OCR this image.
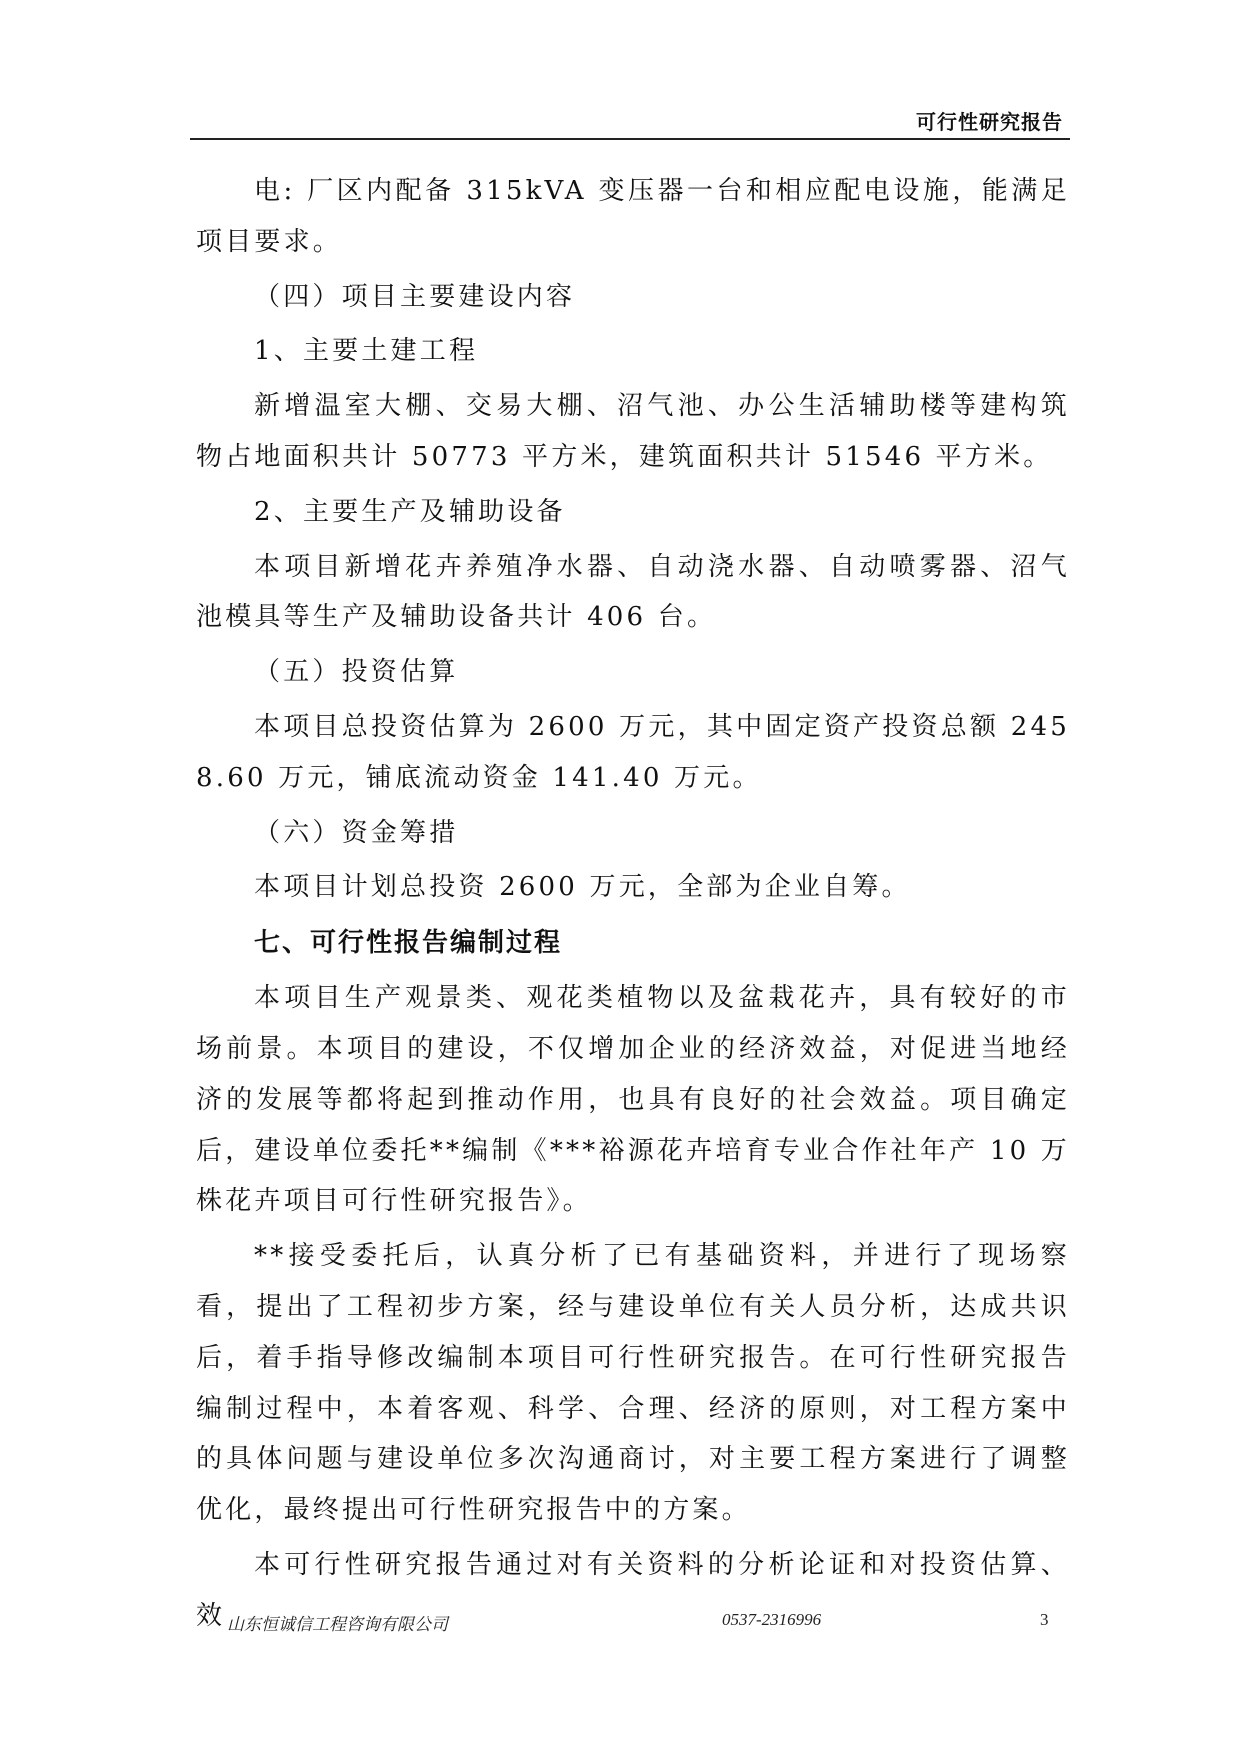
可行性研究报告

电: 厂区内配备 315kVA 变压器一台和相应配电设施，能满足项目要求。

（四）项目主要建设内容

1、主要土建工程

新增温室大棚、交易大棚、沼气池、办公生活辅助楼等建构筑物占地面积共计 50773 平方米，建筑面积共计 51546 平方米。

2、主要生产及辅助设备

本项目新增花卉养殖净水器、自动浇水器、自动喷雾器、沼气池模具等生产及辅助设备共计 406 台。

（五）投资估算

本项目总投资估算为 2600 万元，其中固定资产投资总额 2458.60 万元，铺底流动资金 141.40 万元。

（六）资金筹措

本项目计划总投资 2600 万元，全部为企业自筹。

七、可行性报告编制过程

本项目生产观景类、观花类植物以及盆栽花卉，具有较好的市场前景。本项目的建设，不仅增加企业的经济效益，对促进当地经济的发展等都将起到推动作用，也具有良好的社会效益。项目确定后，建设单位委托**编制《***裕源花卉培育专业合作社年产 10 万株花卉项目可行性研究报告》。

**接受委托后，认真分析了已有基础资料，并进行了现场察看，提出了工程初步方案，经与建设单位有关人员分析，达成共识后，着手指导修改编制本项目可行性研究报告。在可行性研究报告编制过程中，本着客观、科学、合理、经济的原则，对工程方案中的具体问题与建设单位多次沟通商讨，对主要工程方案进行了调整优化，最终提出可行性研究报告中的方案。

本可行性研究报告通过对有关资料的分析论证和对投资估算、效 山东恒诚信工程咨询有限公司	0537-2316996	3
